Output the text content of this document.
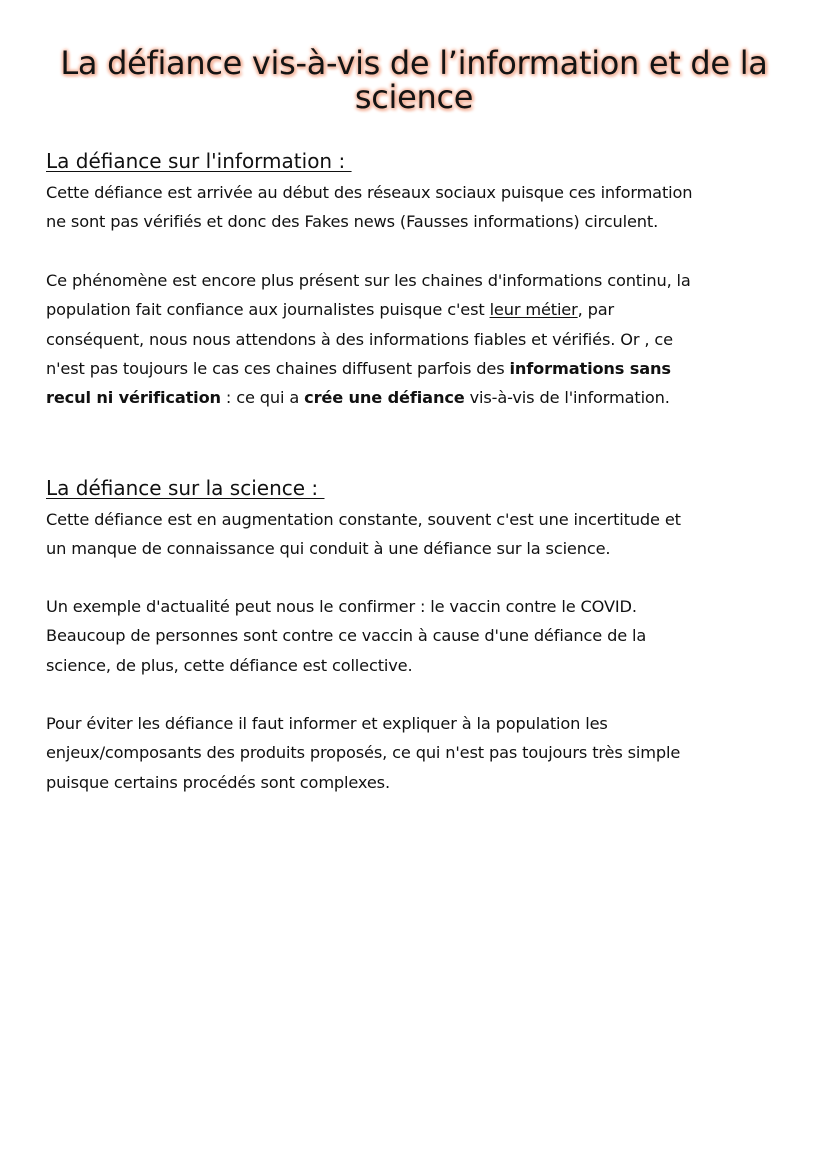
La défiance vis-à-vis de l’information et de la
science
La défiance sur l'information :

Cette défiance est arrivée au début des réseaux sociaux puisque ces information
ne sont pas vérifiés et donc des Fakes news (Fausses informations) circulent.

Ce phénomène est encore plus présent sur les chaines d'informations continu, la
population fait confiance aux journalistes puisque c'est leur métier, par
conséquent, nous nous attendons à des informations fiables et vérifiés. Or , ce
n'est pas toujours le cas ces chaines diffusent parfois des informations sans
recul ni vérification : ce qui a crée une défiance vis-à-vis de l'information.

La défiance sur la science :

Cette défiance est en augmentation constante, souvent c'est une incertitude et
un manque de connaissance qui conduit à une défiance sur la science.

Un exemple d'actualité peut nous le confirmer : le vaccin contre le COVID.
Beaucoup de personnes sont contre ce vaccin à cause d'une défiance de la
science, de plus, cette défiance est collective.

Pour éviter les défiance il faut informer et expliquer à la population les
enjeux/composants des produits proposés, ce qui n'est pas toujours très simple
puisque certains procédés sont complexes.
